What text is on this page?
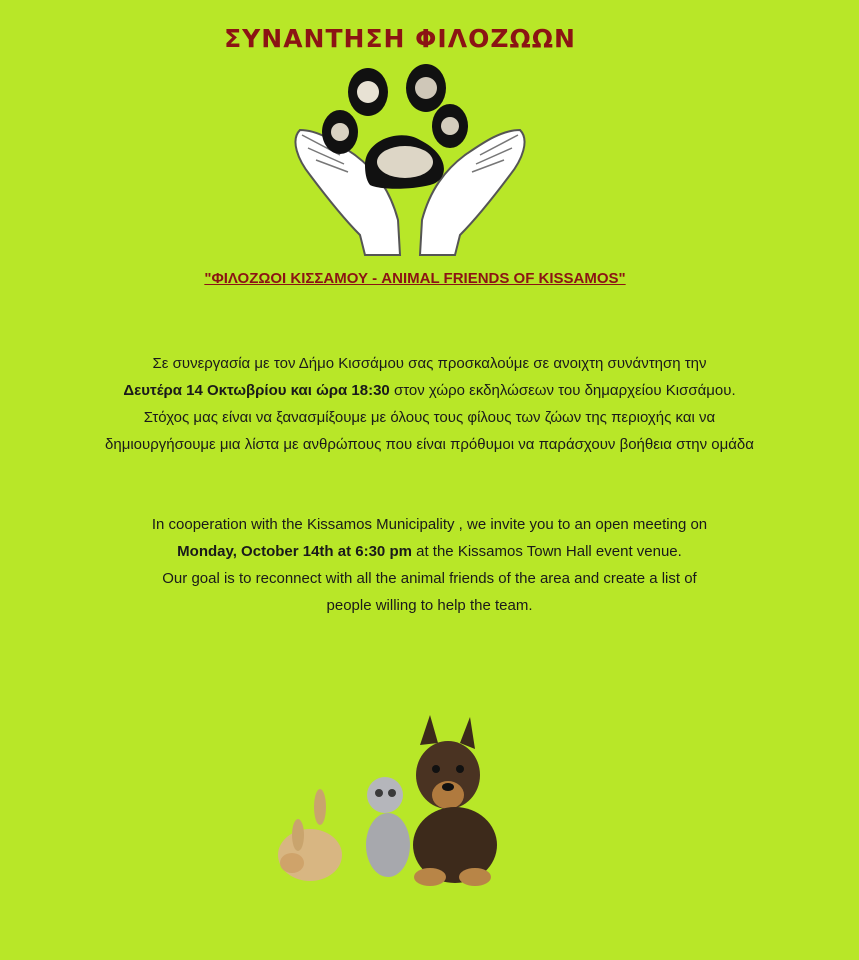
ΣΥΝΑΝΤΗΣΗ ΦΙΛΟΖΩΩΝ
"ΦΙΛΟΖΩΟΙ ΚΙΣΣΑΜΟΥ - ANIMAL FRIENDS OF KISSAMOS"

Σε συνεργασία με τον Δήμο Κισσάμου σας προσκαλούμε σε ανοιχτη συνάντηση την

Δευτέρα 14 Οκτωβρίου και ώρα 18:30 στον χώρο εκδηλώσεων του δημαρχείου Κισσάμου.

Στόχος μας είναι να ξανασμίξουμε με όλους τους φίλους των ζώων της περιοχής και να

δημιουργήσουμε μια λίστα με ανθρώπους που είναι πρόθυμοι να παράσχουν βοήθεια στην ομάδα

In cooperation with the Kissamos Municipality , we invite you to an open meeting on

Monday, October 14th at 6:30 pm at the Kissamos Town Hall event venue.

Our goal is to reconnect with all the animal friends of the area and create a list of

people willing to help the team.
